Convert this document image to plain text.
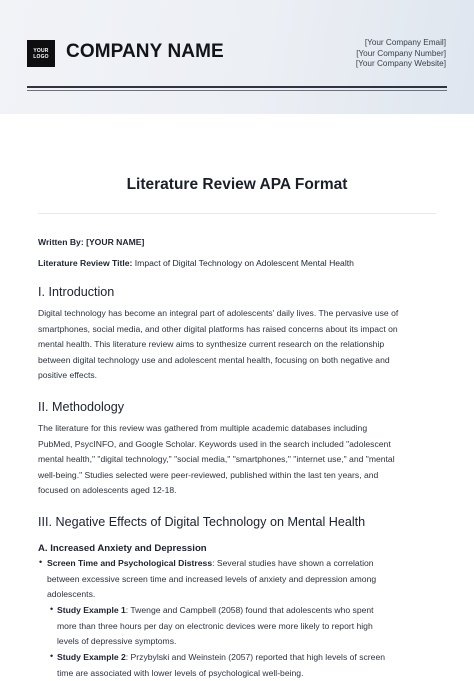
YOUR
LOGO COMPANY NAME	[Your Company Email]
[Your Company Number]
[Your Company Website]
Literature Review APA Format
Written By: [YOUR NAME]
Literature Review Title: Impact of Digital Technology on Adolescent Mental Health
I. Introduction
Digital technology has become an integral part of adolescents' daily lives. The pervasive use of
smartphones, social media, and other digital platforms has raised concerns about its impact on
mental health. This literature review aims to synthesize current research on the relationship
between digital technology use and adolescent mental health, focusing on both negative and
positive effects.
II. Methodology
The literature for this review was gathered from multiple academic databases including
PubMed, PsycINFO, and Google Scholar. Keywords used in the search included "adolescent
mental health," "digital technology," "social media," "smartphones," "internet use," and "mental
well-being." Studies selected were peer-reviewed, published within the last ten years, and
focused on adolescents aged 12-18.
III. Negative Effects of Digital Technology on Mental Health
A. Increased Anxiety and Depression
• Screen Time and Psychological Distress: Several studies have shown a correlation
between excessive screen time and increased levels of anxiety and depression among
adolescents.
• Study Example 1: Twenge and Campbell (2058) found that adolescents who spent
more than three hours per day on electronic devices were more likely to report high
levels of depressive symptoms.
• Study Example 2: Przybylski and Weinstein (2057) reported that high levels of screen
time are associated with lower levels of psychological well-being.
